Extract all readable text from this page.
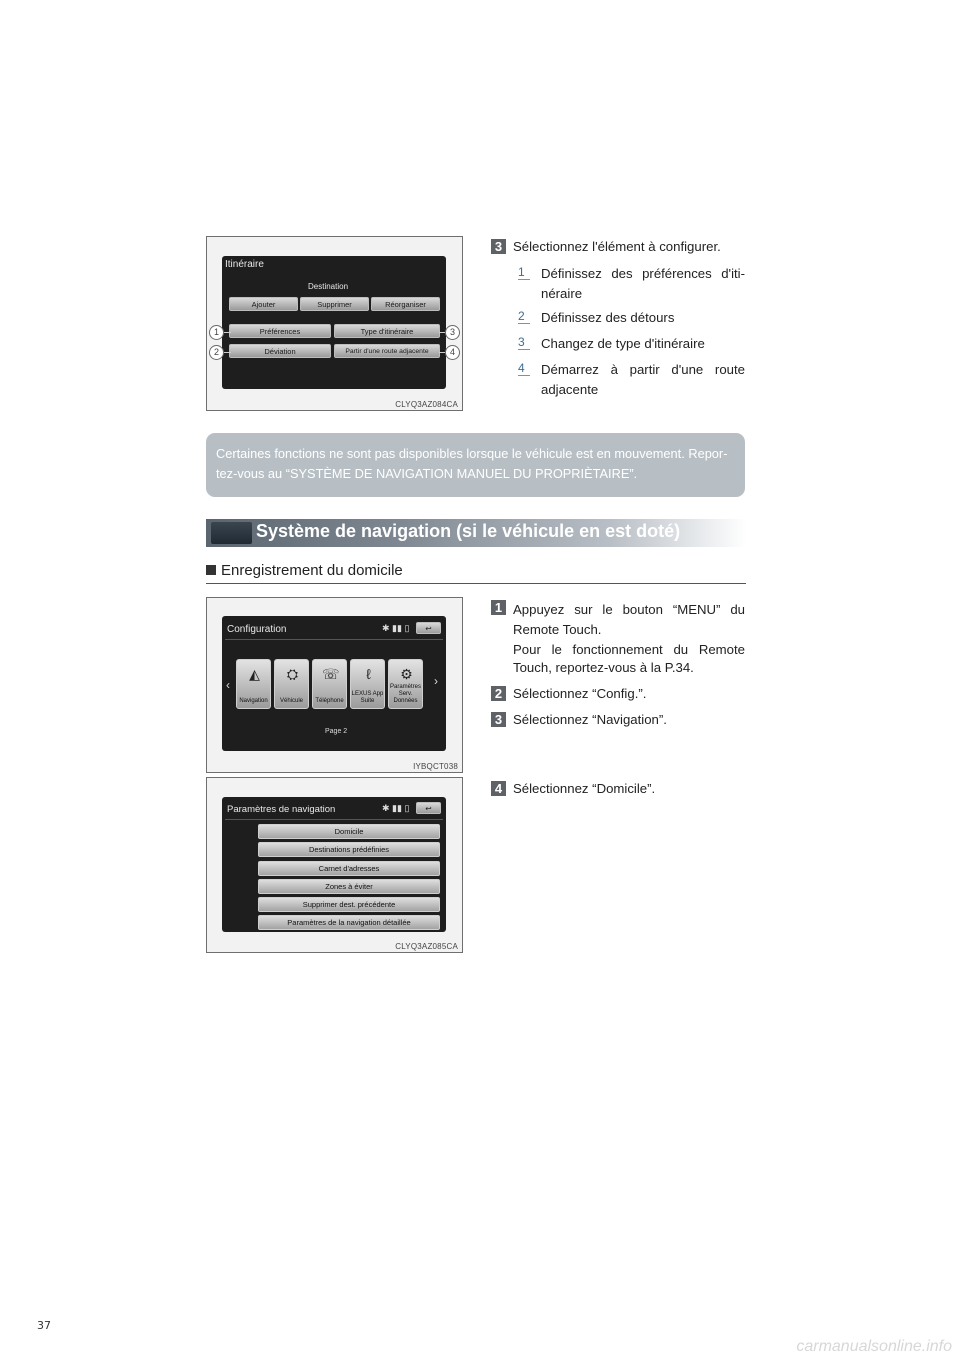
Itinéraire
Destination
Ajouter	Supprimer	Réorganiser
Préférences	Type d'itinéraire
Déviation	Partir d'une route adjacente
1
2
3
4
CLYQ3AZ084CA
3 Sélectionnez l'élément à configurer.
1	Définissez des préférences d'iti-
néraire
2	Définissez des détours
3	Changez de type d'itinéraire
4	Démarrez à partir d'une route
adjacente
Certaines fonctions ne sont pas disponibles lorsque le véhicule est en mouvement. Repor-
tez-vous au “SYSTÈME DE NAVIGATION MANUEL DU PROPRIÈTAIRE”.
Système de navigation (si le véhicule en est doté)
Enregistrement du domicile
Configuration	✱ ▮▮ ▯	↩
‹	›
◭
Navigation
⛭
Véhicule
☏
Téléphone
ℓ
LEXUS App Suite
⚙
Paramètres Serv. Données
Page 2
IYBQCT038
1 Appuyez sur le bouton “MENU” du
Remote Touch.
Pour le fonctionnement du Remote
Touch, reportez-vous à la P.34.
2 Sélectionnez “Config.”.
3 Sélectionnez “Navigation”.
Paramètres de navigation	✱ ▮▮ ▯	↩
Domicile
Destinations prédéfinies
Carnet d'adresses
Zones à éviter
Supprimer dest. précédente
Paramètres de la navigation détaillée
CLYQ3AZ085CA
4 Sélectionnez “Domicile”.
37
carmanualsonline.info
